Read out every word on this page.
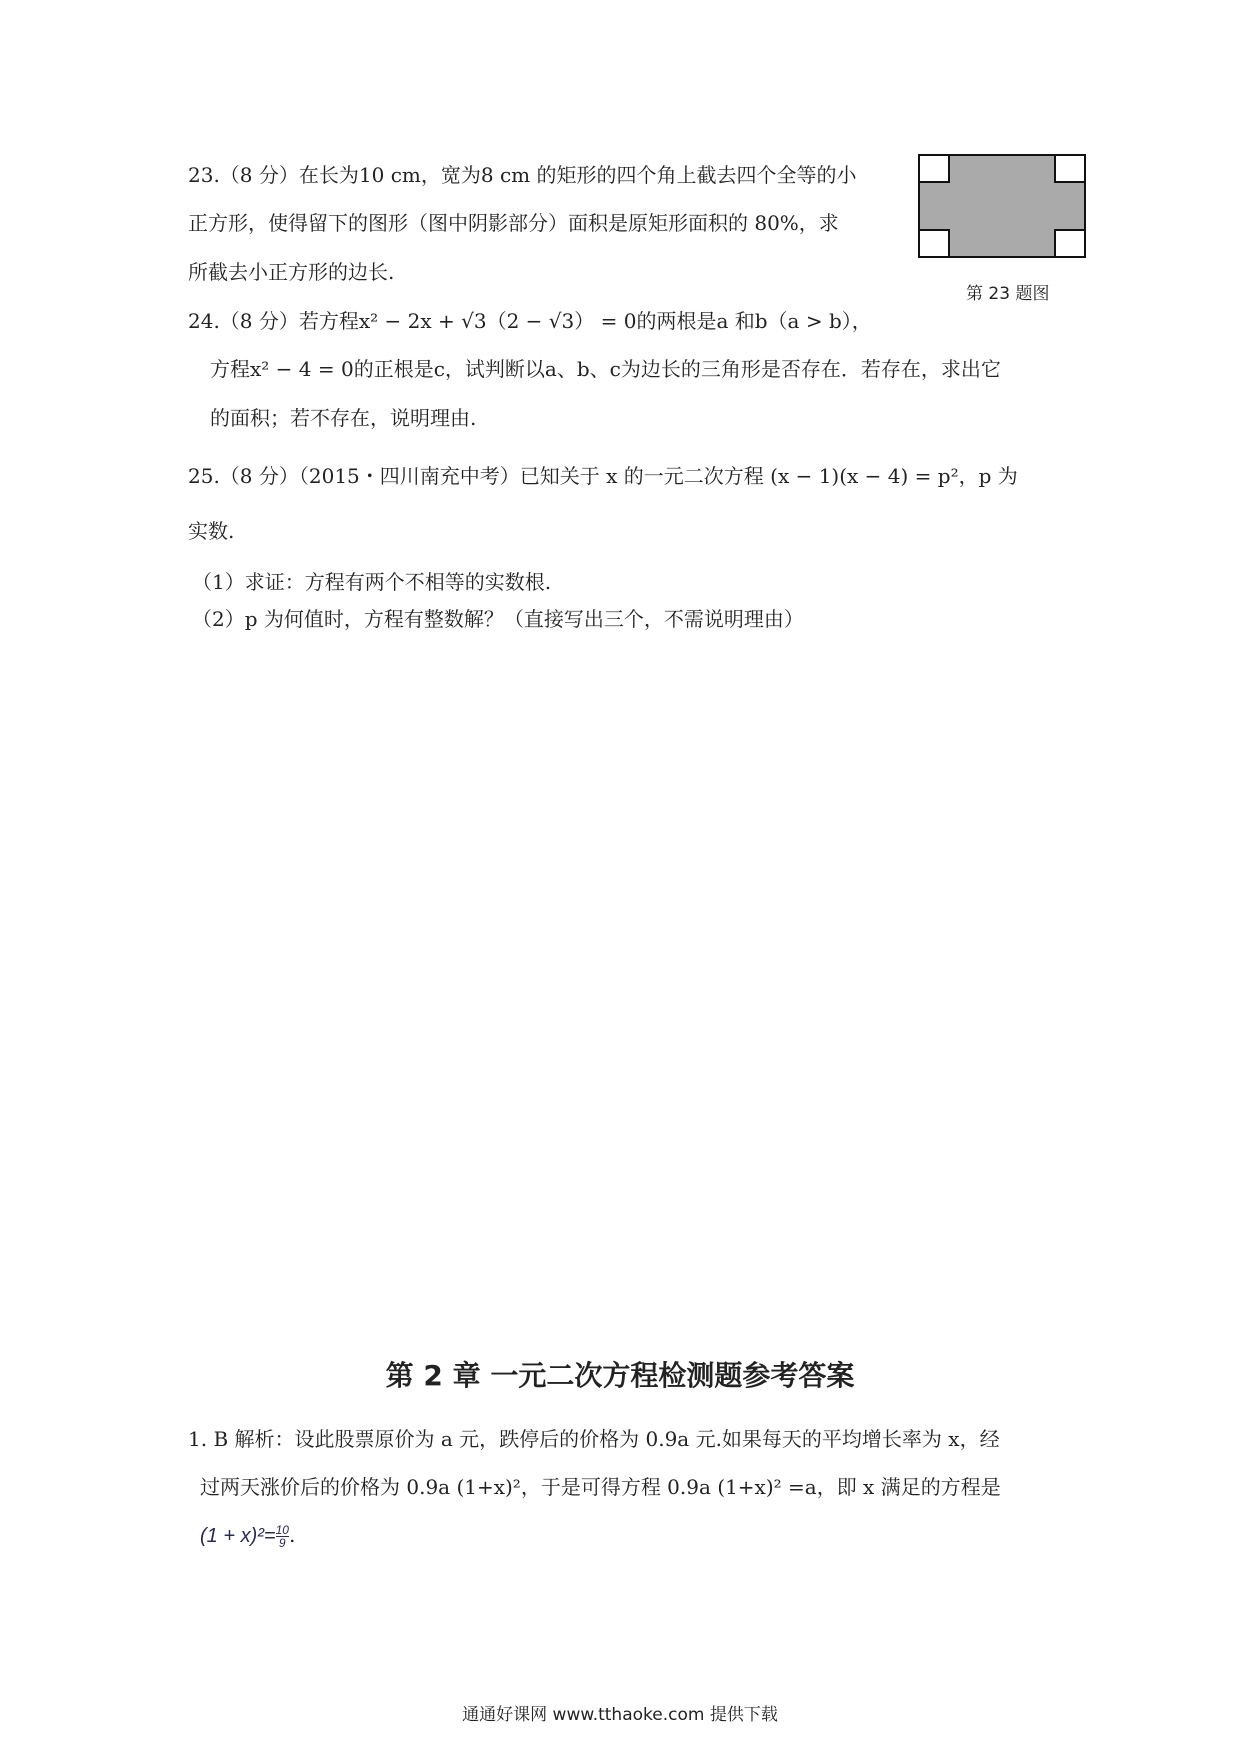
23.（8 分）在长为10 cm，宽为8 cm 的矩形的四个角上截去四个全等的小
正方形，使得留下的图形（图中阴影部分）面积是原矩形面积的 80%，求
所截去小正方形的边长.
第 23 题图
24.（8 分）若方程x² − 2x + √3（2 − √3） = 0的两根是a 和b（a > b），
方程x² − 4 = 0的正根是c，试判断以a、b、c为边长的三角形是否存在．若存在，求出它
的面积；若不存在，说明理由.
25.（8 分）（2015・四川南充中考）已知关于 x 的一元二次方程 (x − 1)(x − 4) = p²，p 为
实数.
（1）求证：方程有两个不相等的实数根.
（2）p 为何值时，方程有整数解？（直接写出三个，不需说明理由）
第 2 章 一元二次方程检测题参考答案
1. B 解析：设此股票原价为 a 元，跌停后的价格为 0.9a 元.如果每天的平均增长率为 x，经
过两天涨价后的价格为 0.9a (1+x)²，于是可得方程 0.9a (1+x)² =a，即 x 满足的方程是
$(1 + x)^2= \frac{10}{9}$ .
通通好课网 www.tthaoke.com 提供下载
